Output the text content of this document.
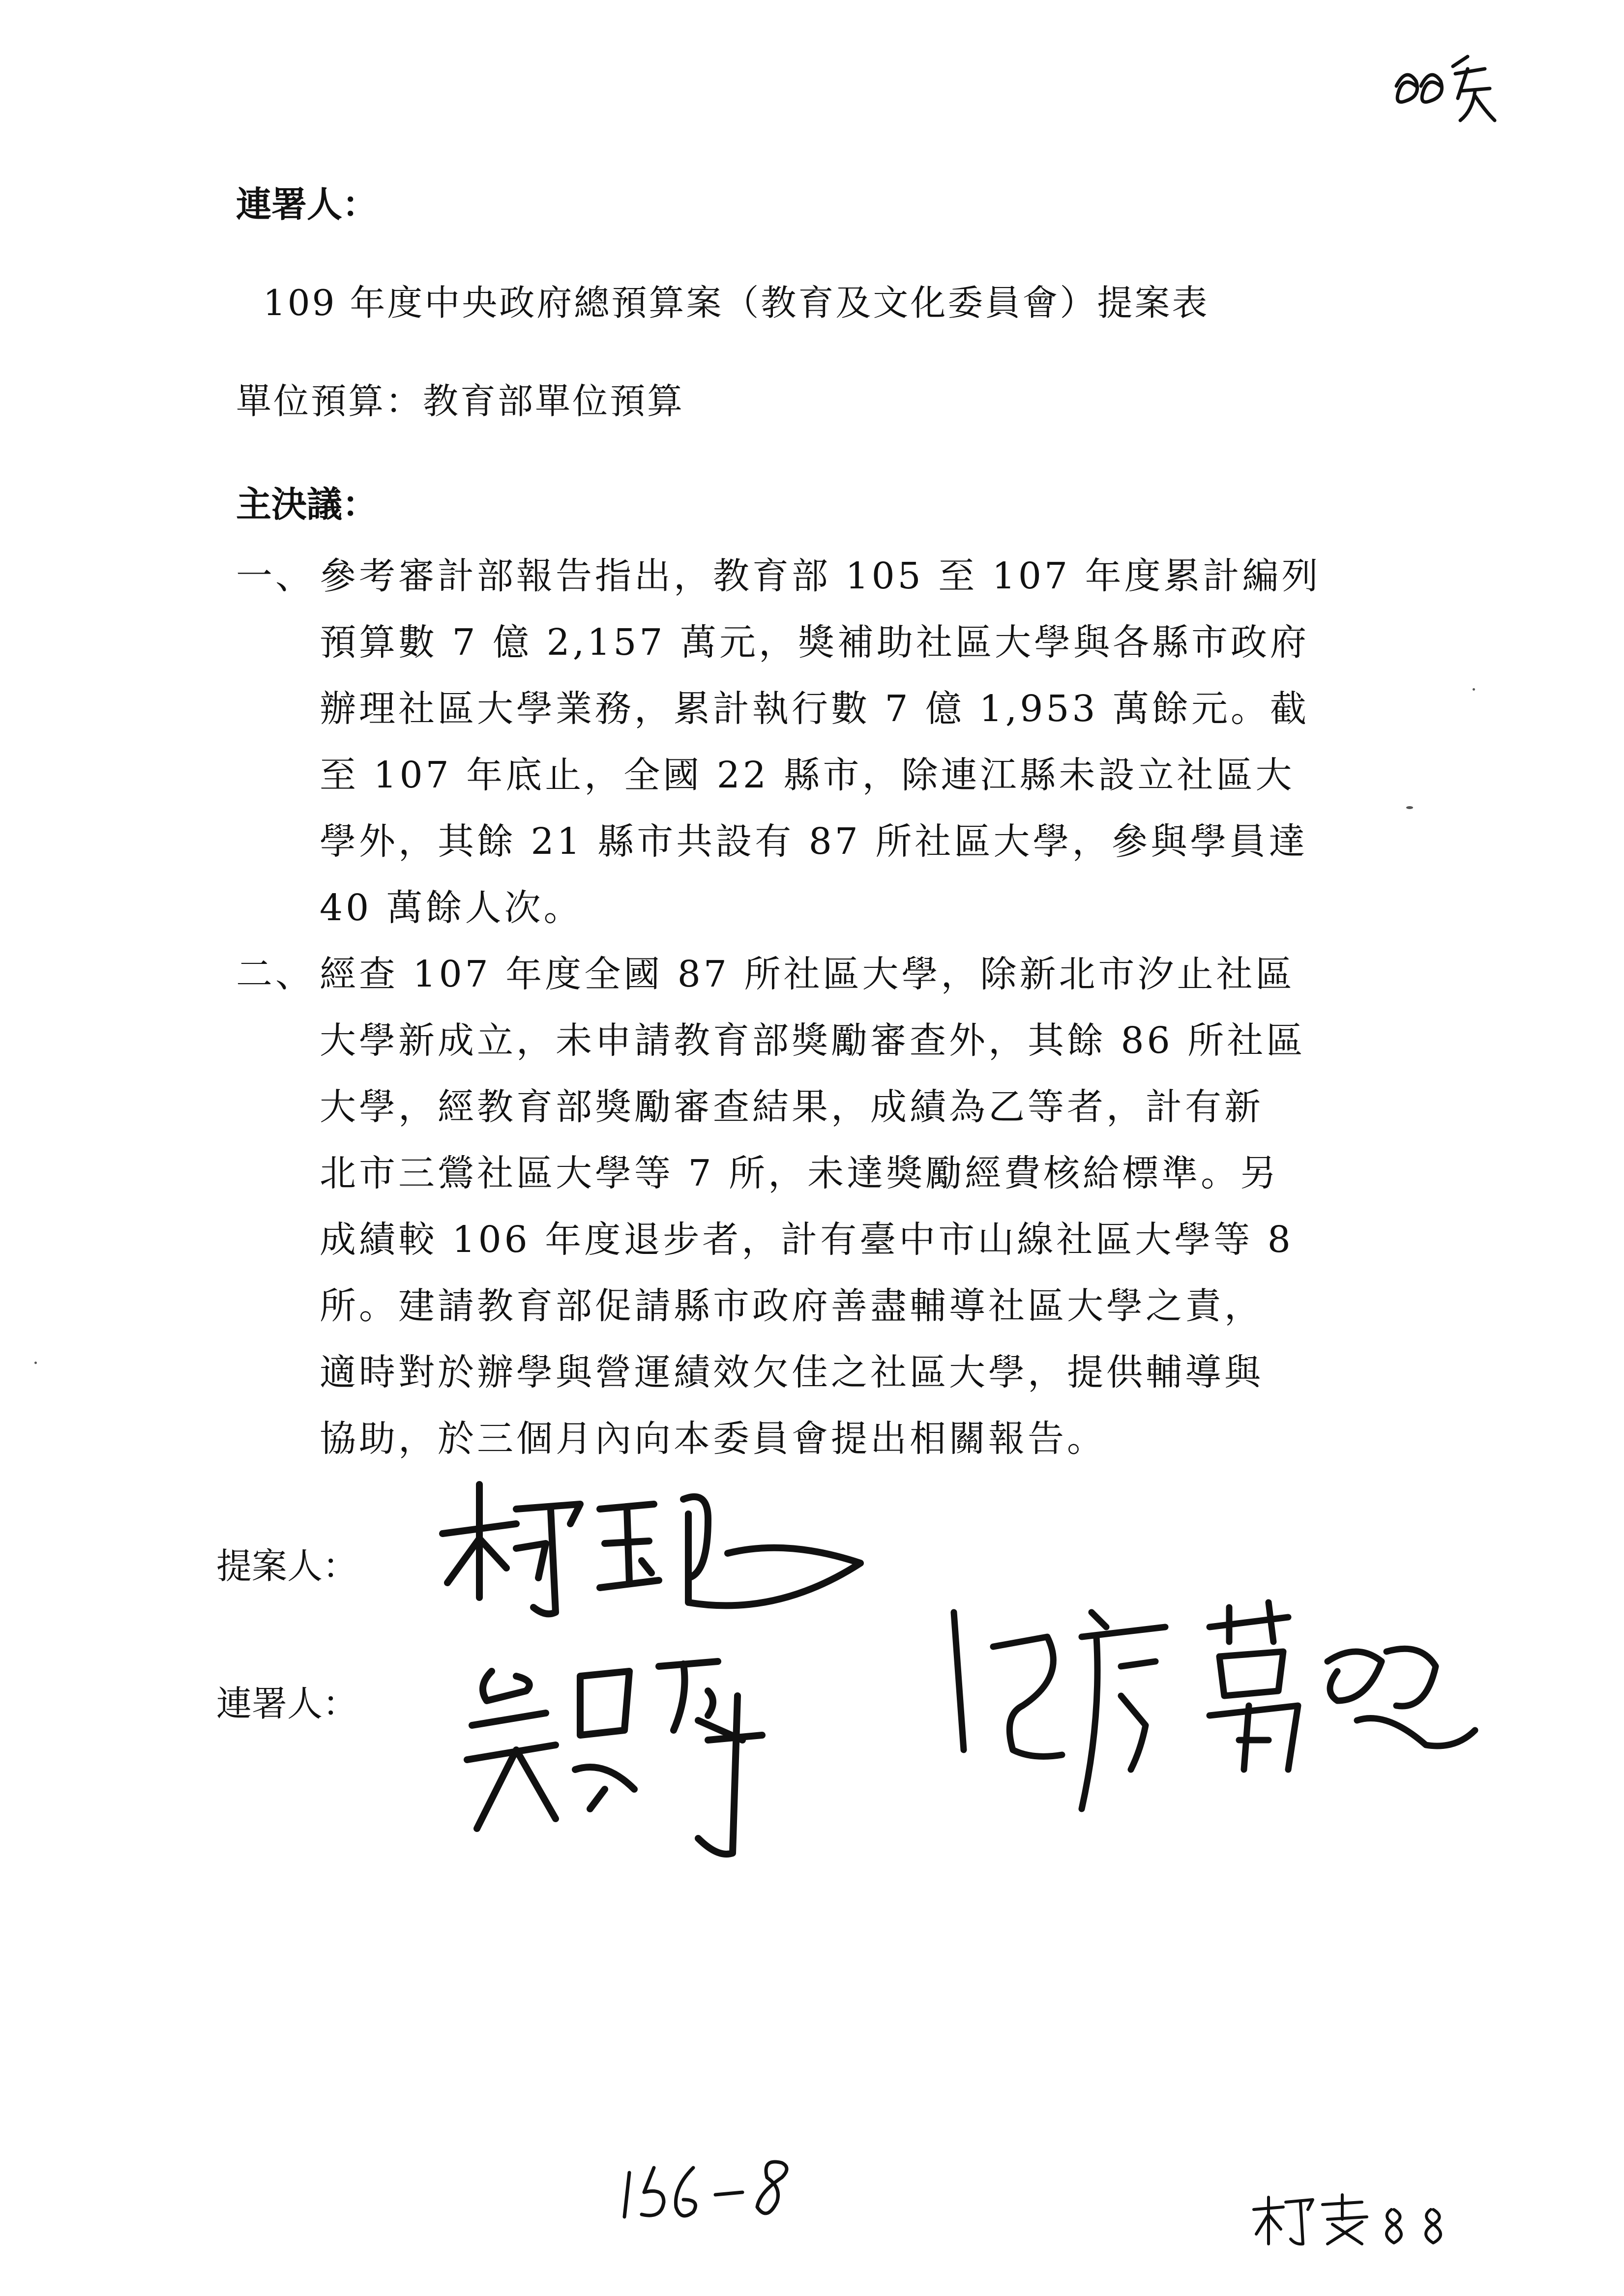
連署人：
109 年度中央政府總預算案（教育及文化委員會）提案表
單位預算：教育部單位預算
主決議：
一、 參考審計部報告指出，教育部 105 至 107 年度累計編列
預算數 7 億 2,157 萬元，獎補助社區大學與各縣市政府
辦理社區大學業務，累計執行數 7 億 1,953 萬餘元。截
至 107 年底止，全國 22 縣市，除連江縣未設立社區大
學外，其餘 21 縣市共設有 87 所社區大學，參與學員達
40 萬餘人次。
二、 經查 107 年度全國 87 所社區大學，除新北市汐止社區
大學新成立，未申請教育部獎勵審查外，其餘 86 所社區
大學，經教育部獎勵審查結果，成績為乙等者，計有新
北市三鶯社區大學等 7 所，未達獎勵經費核給標準。另
成績較 106 年度退步者，計有臺中市山線社區大學等 8
所。建請教育部促請縣市政府善盡輔導社區大學之責，
適時對於辦學與營運績效欠佳之社區大學，提供輔導與
協助，於三個月內向本委員會提出相關報告。
提案人：
連署人：
